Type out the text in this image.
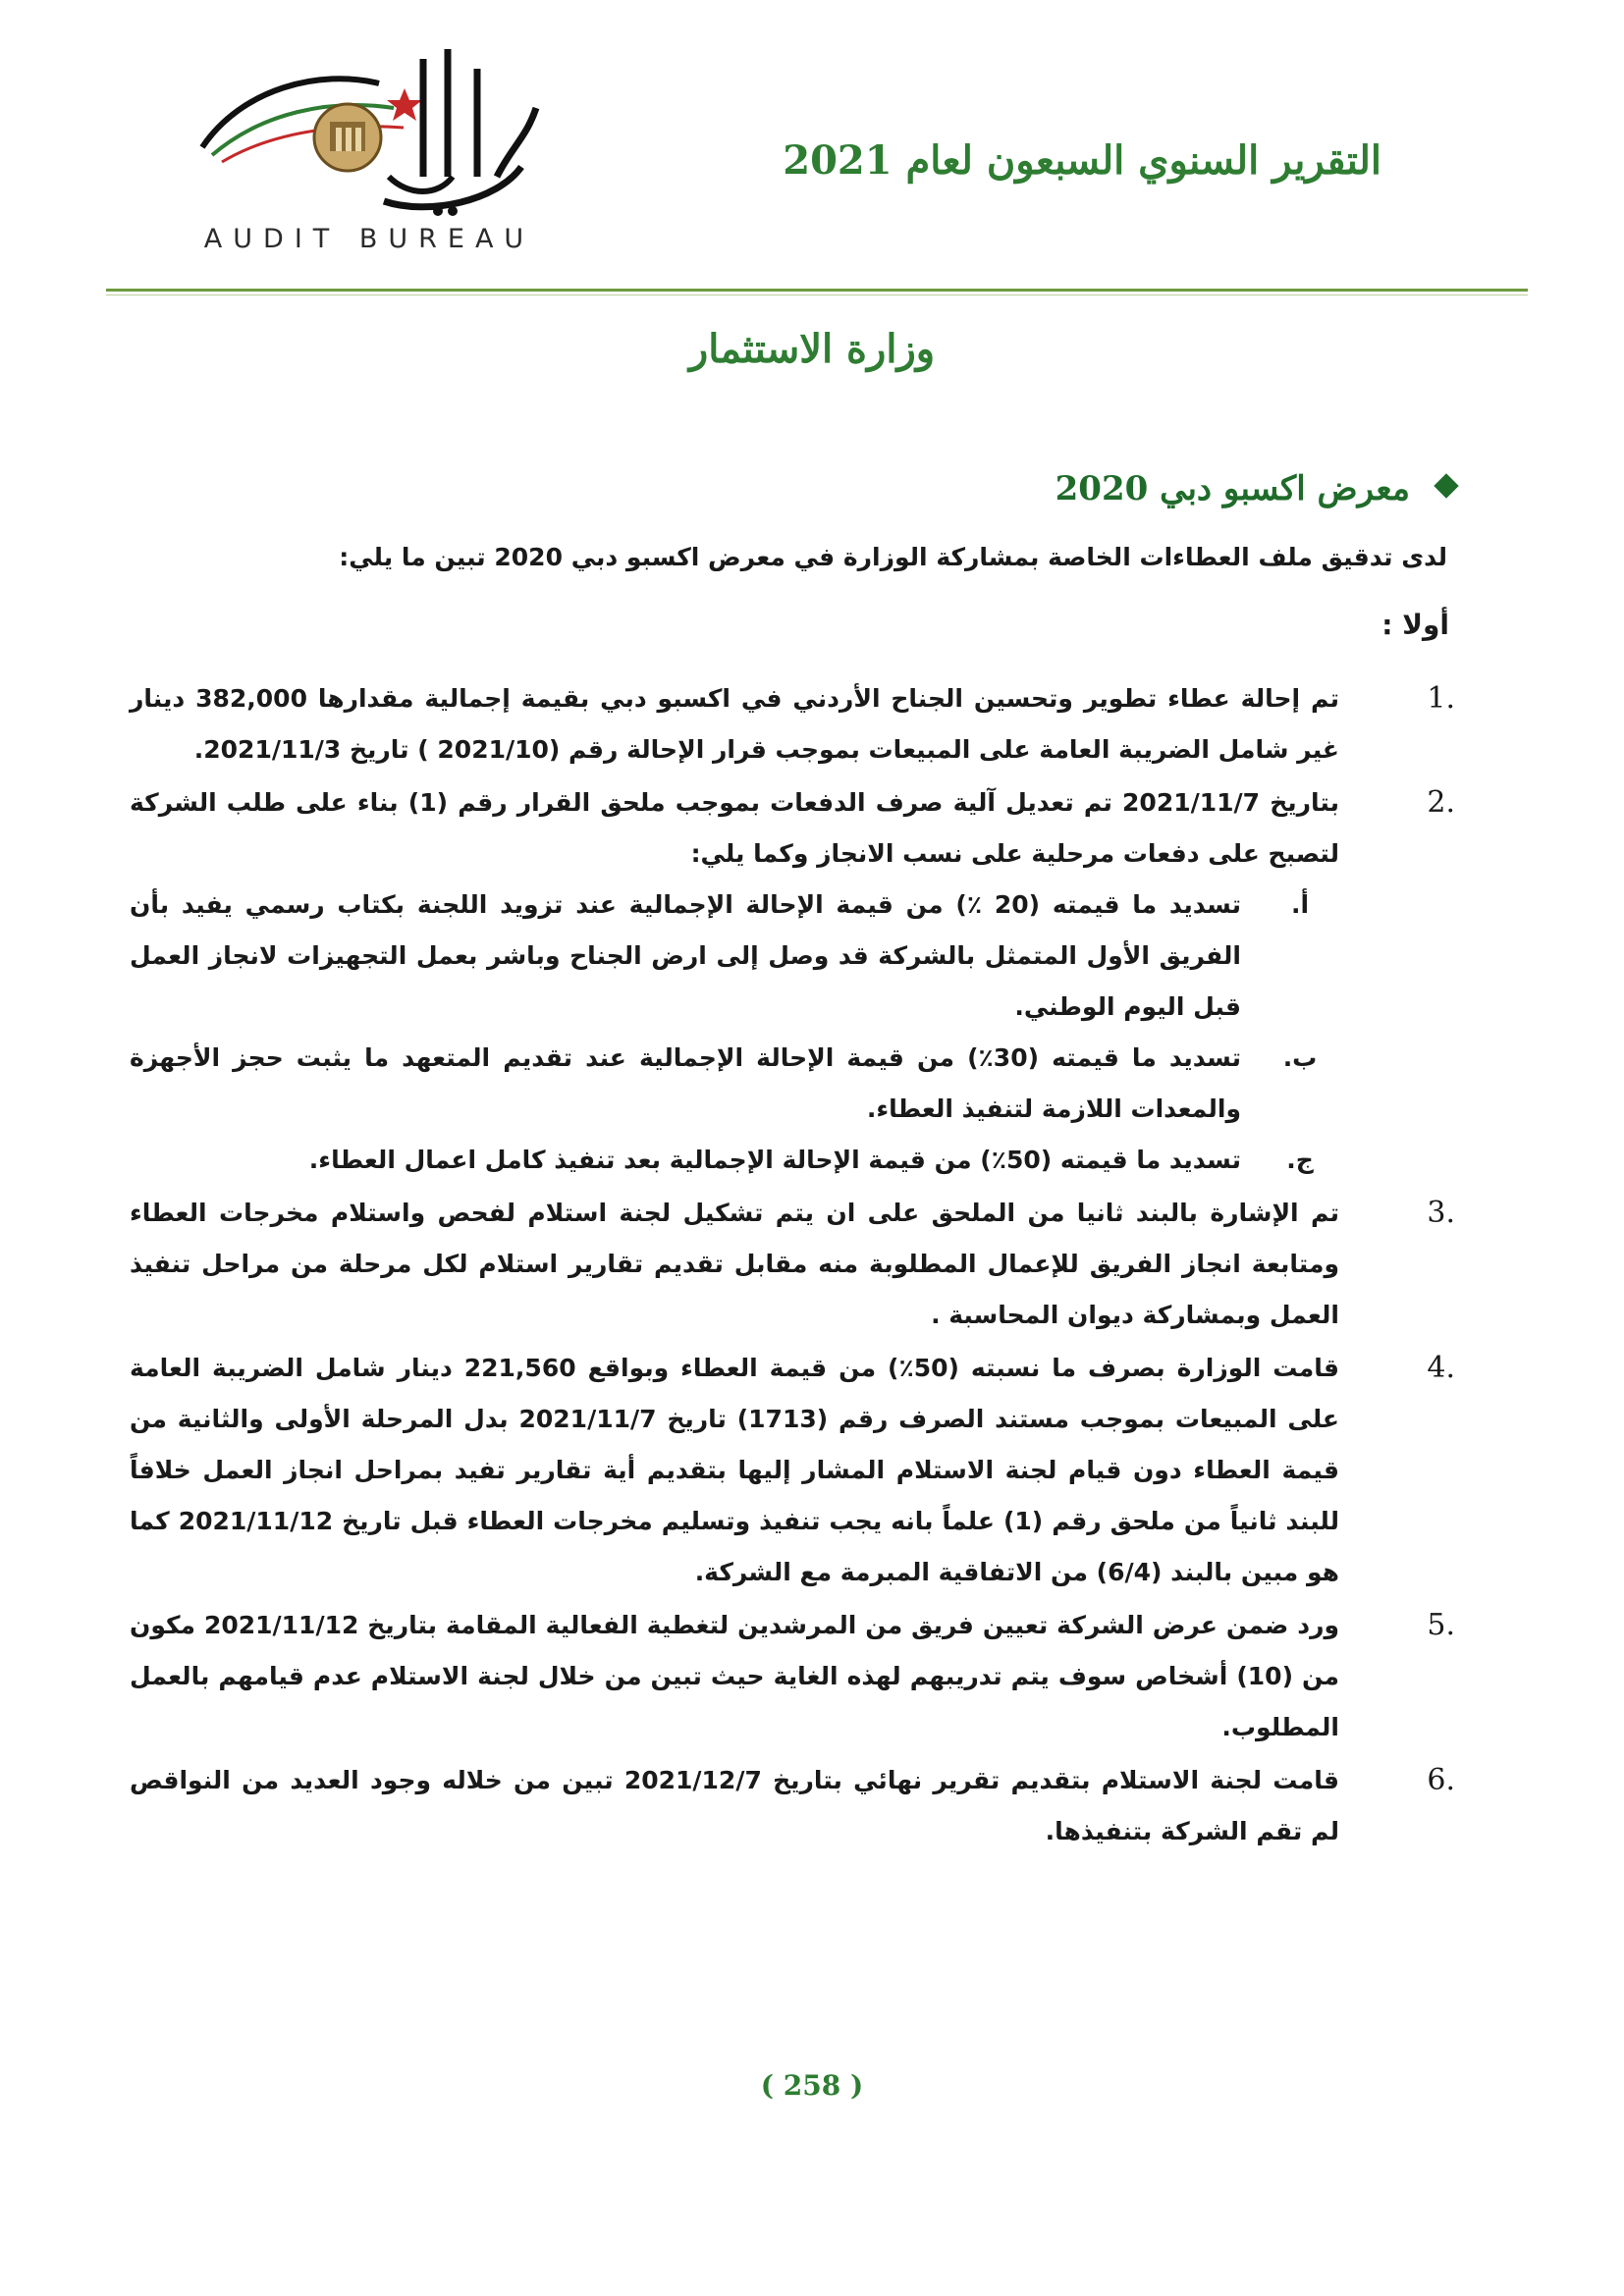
AUDIT BUREAU
التقرير السنوي السبعون لعام 2021
وزارة الاستثمار
معرض اكسبو دبي 2020
لدى تدقيق ملف العطاءات الخاصة بمشاركة الوزارة في معرض اكسبو دبي 2020 تبين ما يلي:
أولا :
1.
تم إحالة عطاء تطوير وتحسين الجناح الأردني في اكسبو دبي بقيمة إجمالية مقدارها 382,000 دينار غير شامل الضريبة العامة على المبيعات بموجب قرار الإحالة رقم (2021/10 ) تاريخ 2021/11/3.
2.
بتاريخ 2021/11/7 تم تعديل آلية صرف الدفعات بموجب ملحق القرار رقم (1) بناء على طلب الشركة لتصبح على دفعات مرحلية على نسب الانجاز وكما يلي:
أ.
تسديد ما قيمته (20 ٪) من قيمة الإحالة الإجمالية عند تزويد اللجنة بكتاب رسمي يفيد بأن الفريق الأول المتمثل بالشركة قد وصل إلى ارض الجناح وباشر بعمل التجهيزات لانجاز العمل قبل اليوم الوطني.
ب.
تسديد ما قيمته (30٪) من قيمة الإحالة الإجمالية عند تقديم المتعهد ما يثبت حجز الأجهزة والمعدات اللازمة لتنفيذ العطاء.
ج.
تسديد ما قيمته (50٪) من قيمة الإحالة الإجمالية بعد تنفيذ كامل اعمال العطاء.
3.
تم الإشارة بالبند ثانيا من الملحق على ان يتم تشكيل لجنة استلام لفحص واستلام مخرجات العطاء ومتابعة انجاز الفريق للإعمال المطلوبة منه مقابل تقديم تقارير استلام لكل مرحلة من مراحل تنفيذ العمل وبمشاركة ديوان المحاسبة .
4.
قامت الوزارة بصرف ما نسبته (50٪) من قيمة العطاء وبواقع 221,560 دينار شامل الضريبة العامة على المبيعات بموجب مستند الصرف رقم (1713) تاريخ 2021/11/7 بدل المرحلة الأولى والثانية من قيمة العطاء دون قيام لجنة الاستلام المشار إليها بتقديم أية تقارير تفيد بمراحل انجاز العمل خلافاً للبند ثانياً من ملحق رقم (1) علماً بانه يجب تنفيذ وتسليم مخرجات العطاء قبل تاريخ 2021/11/12 كما هو مبين بالبند (6/4) من الاتفاقية المبرمة مع الشركة.
5.
ورد ضمن عرض الشركة تعيين فريق من المرشدين لتغطية الفعالية المقامة بتاريخ 2021/11/12 مكون من (10) أشخاص سوف يتم تدريبهم لهذه الغاية حيث تبين من خلال لجنة الاستلام عدم قيامهم بالعمل المطلوب.
6.
قامت لجنة الاستلام بتقديم تقرير نهائي بتاريخ 2021/12/7 تبين من خلاله وجود العديد من النواقص لم تقم الشركة بتنفيذها.
( 258 )
